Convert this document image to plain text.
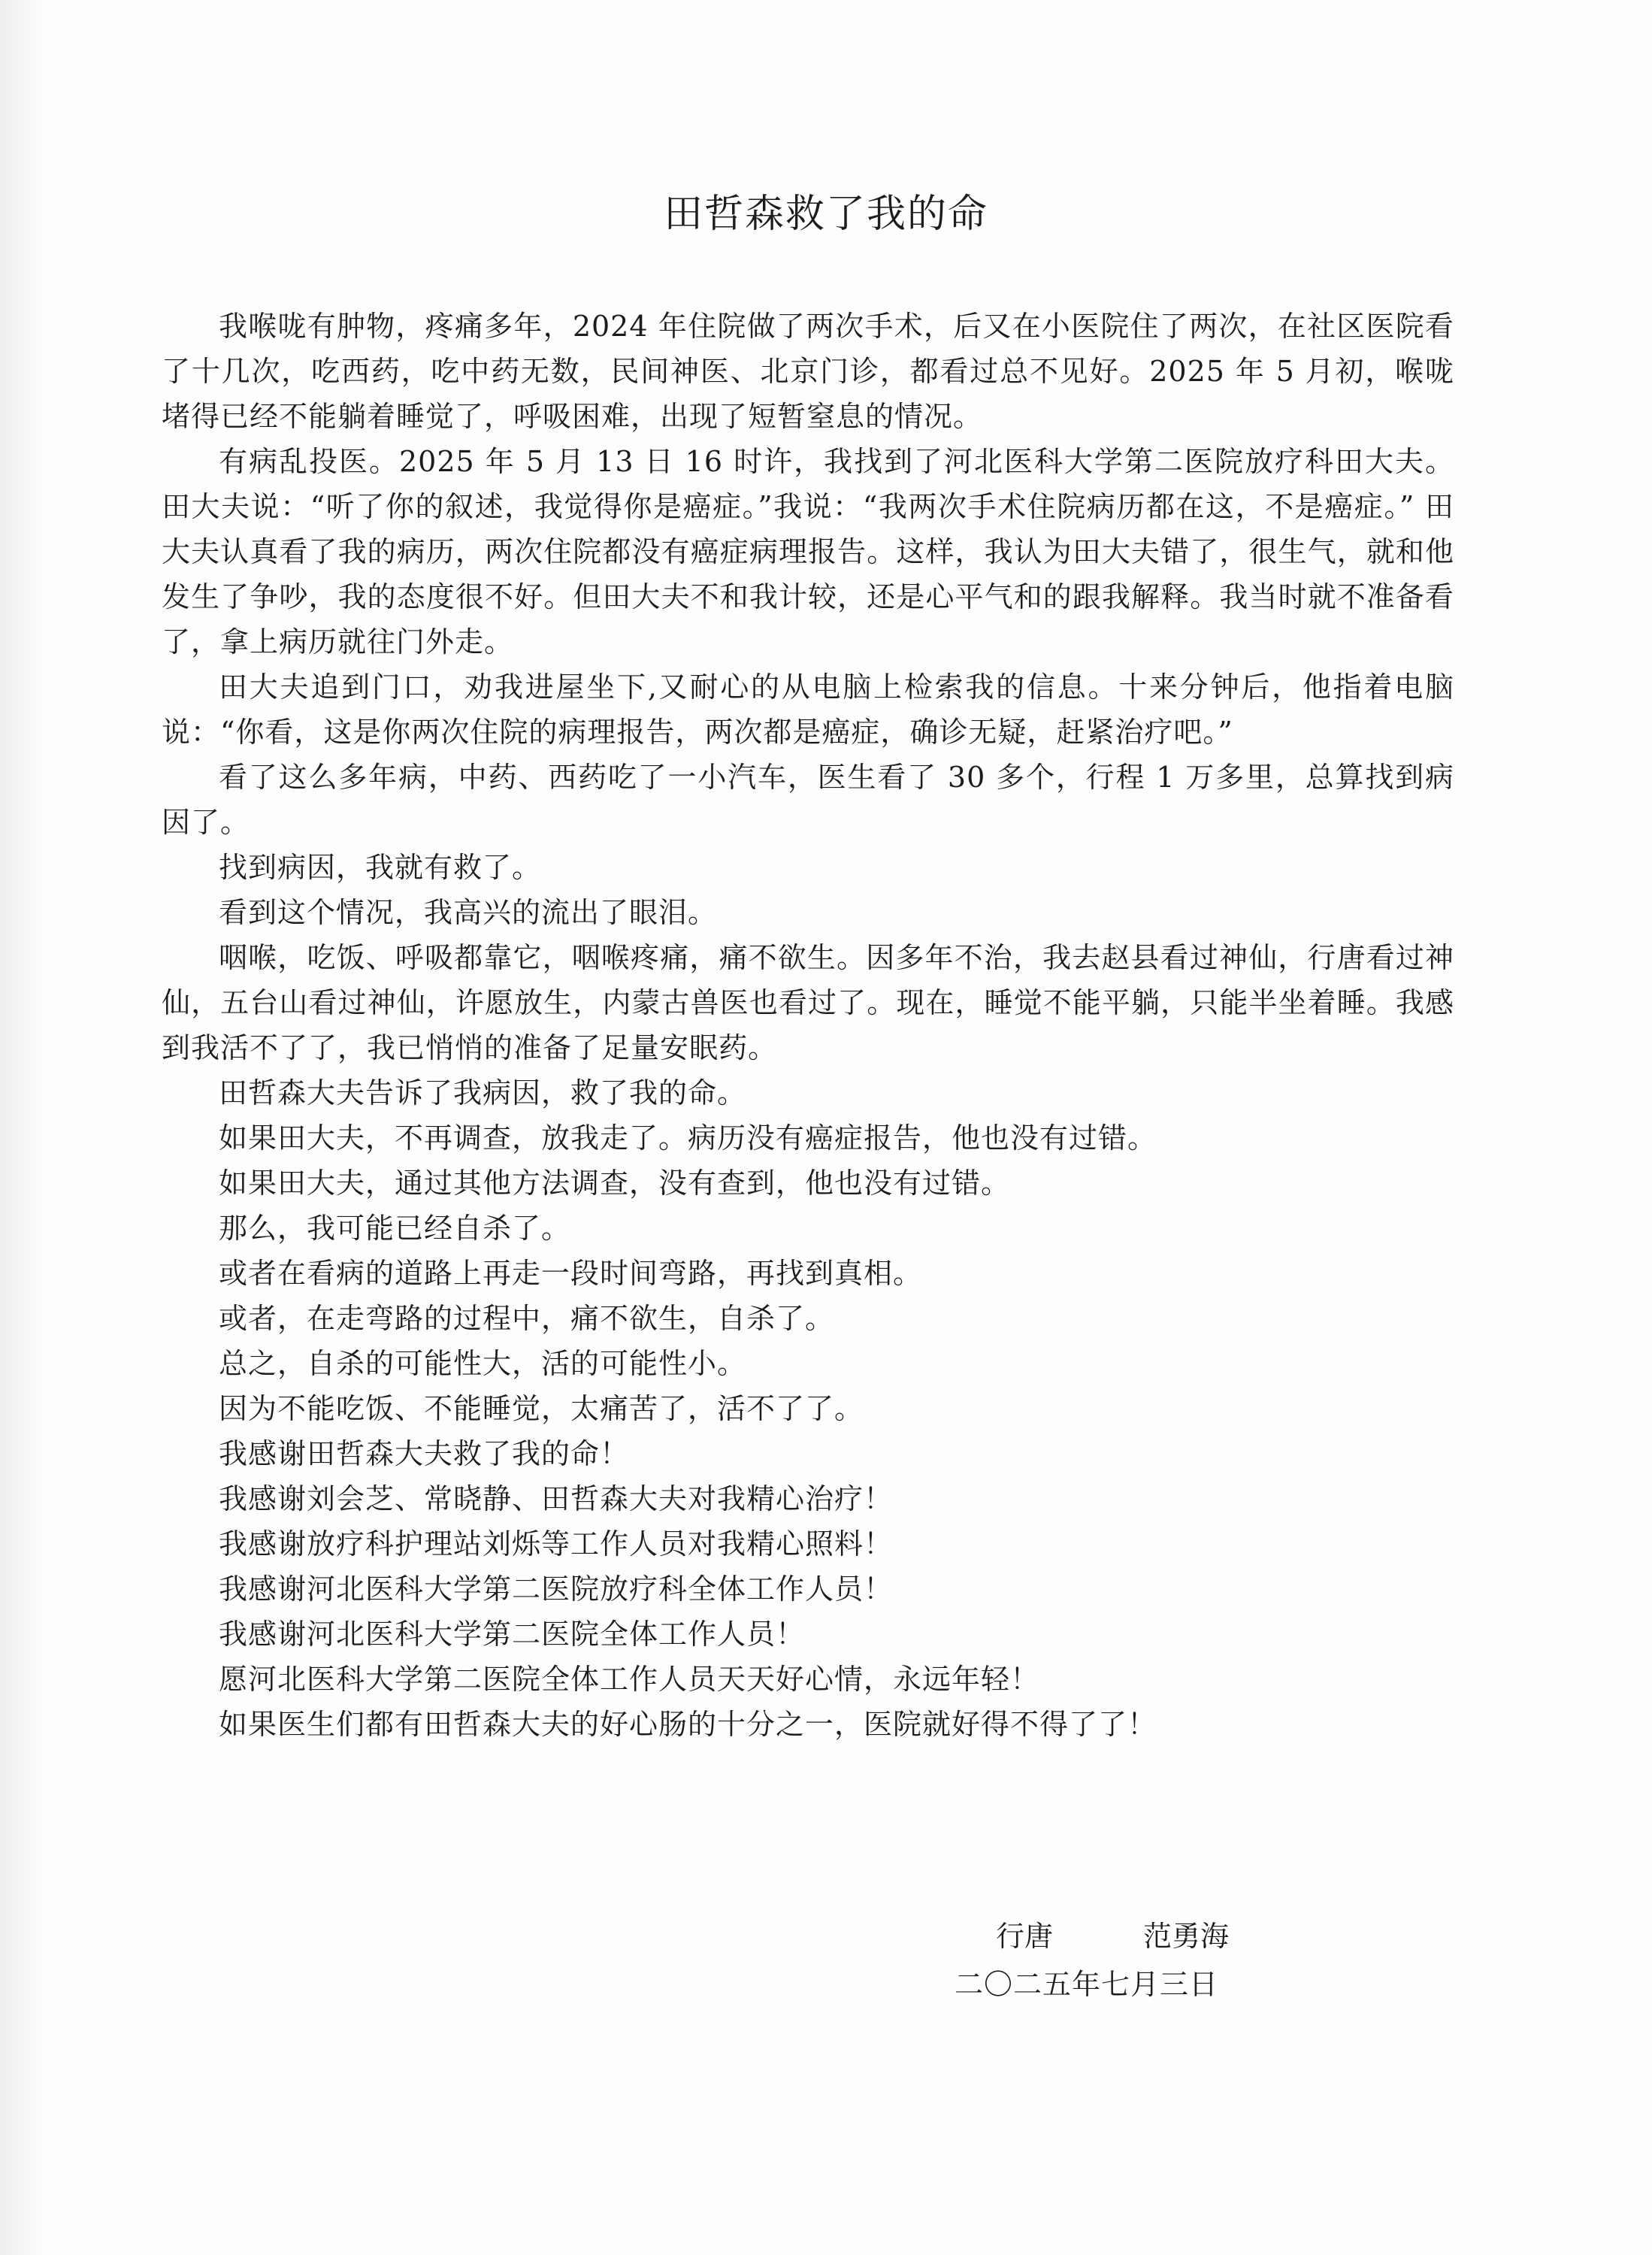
田哲森救了我的命

我喉咙有肿物，疼痛多年，2024 年住院做了两次手术，后又在小医院住了两次，在社区医院看了十几次，吃西药，吃中药无数，民间神医、北京门诊，都看过总不见好。2025 年 5 月初，喉咙堵得已经不能躺着睡觉了，呼吸困难，出现了短暂窒息的情况。

有病乱投医。2025 年 5 月 13 日 16 时许，我找到了河北医科大学第二医院放疗科田大夫。田大夫说：“听了你的叙述，我觉得你是癌症。”我说：“我两次手术住院病历都在这，不是癌症。” 田大夫认真看了我的病历，两次住院都没有癌症病理报告。这样，我认为田大夫错了，很生气，就和他发生了争吵，我的态度很不好。但田大夫不和我计较，还是心平气和的跟我解释。我当时就不准备看了，拿上病历就往门外走。

田大夫追到门口，劝我进屋坐下,又耐心的从电脑上检索我的信息。十来分钟后，他指着电脑说：“你看，这是你两次住院的病理报告，两次都是癌症，确诊无疑，赶紧治疗吧。”

看了这么多年病，中药、西药吃了一小汽车，医生看了 30 多个，行程 1 万多里，总算找到病因了。

找到病因，我就有救了。

看到这个情况，我高兴的流出了眼泪。

咽喉，吃饭、呼吸都靠它，咽喉疼痛，痛不欲生。因多年不治，我去赵县看过神仙，行唐看过神仙，五台山看过神仙，许愿放生，内蒙古兽医也看过了。现在，睡觉不能平躺，只能半坐着睡。我感到我活不了了，我已悄悄的准备了足量安眠药。

田哲森大夫告诉了我病因，救了我的命。

如果田大夫，不再调查，放我走了。病历没有癌症报告，他也没有过错。

如果田大夫，通过其他方法调查，没有查到，他也没有过错。

那么，我可能已经自杀了。

或者在看病的道路上再走一段时间弯路，再找到真相。

或者，在走弯路的过程中，痛不欲生，自杀了。

总之，自杀的可能性大，活的可能性小。

因为不能吃饭、不能睡觉，太痛苦了，活不了了。

我感谢田哲森大夫救了我的命！

我感谢刘会芝、常晓静、田哲森大夫对我精心治疗！

我感谢放疗科护理站刘烁等工作人员对我精心照料！

我感谢河北医科大学第二医院放疗科全体工作人员！

我感谢河北医科大学第二医院全体工作人员！

愿河北医科大学第二医院全体工作人员天天好心情，永远年轻！

如果医生们都有田哲森大夫的好心肠的十分之一，医院就好得不得了了！

行唐	范勇海
二〇二五年七月三日
